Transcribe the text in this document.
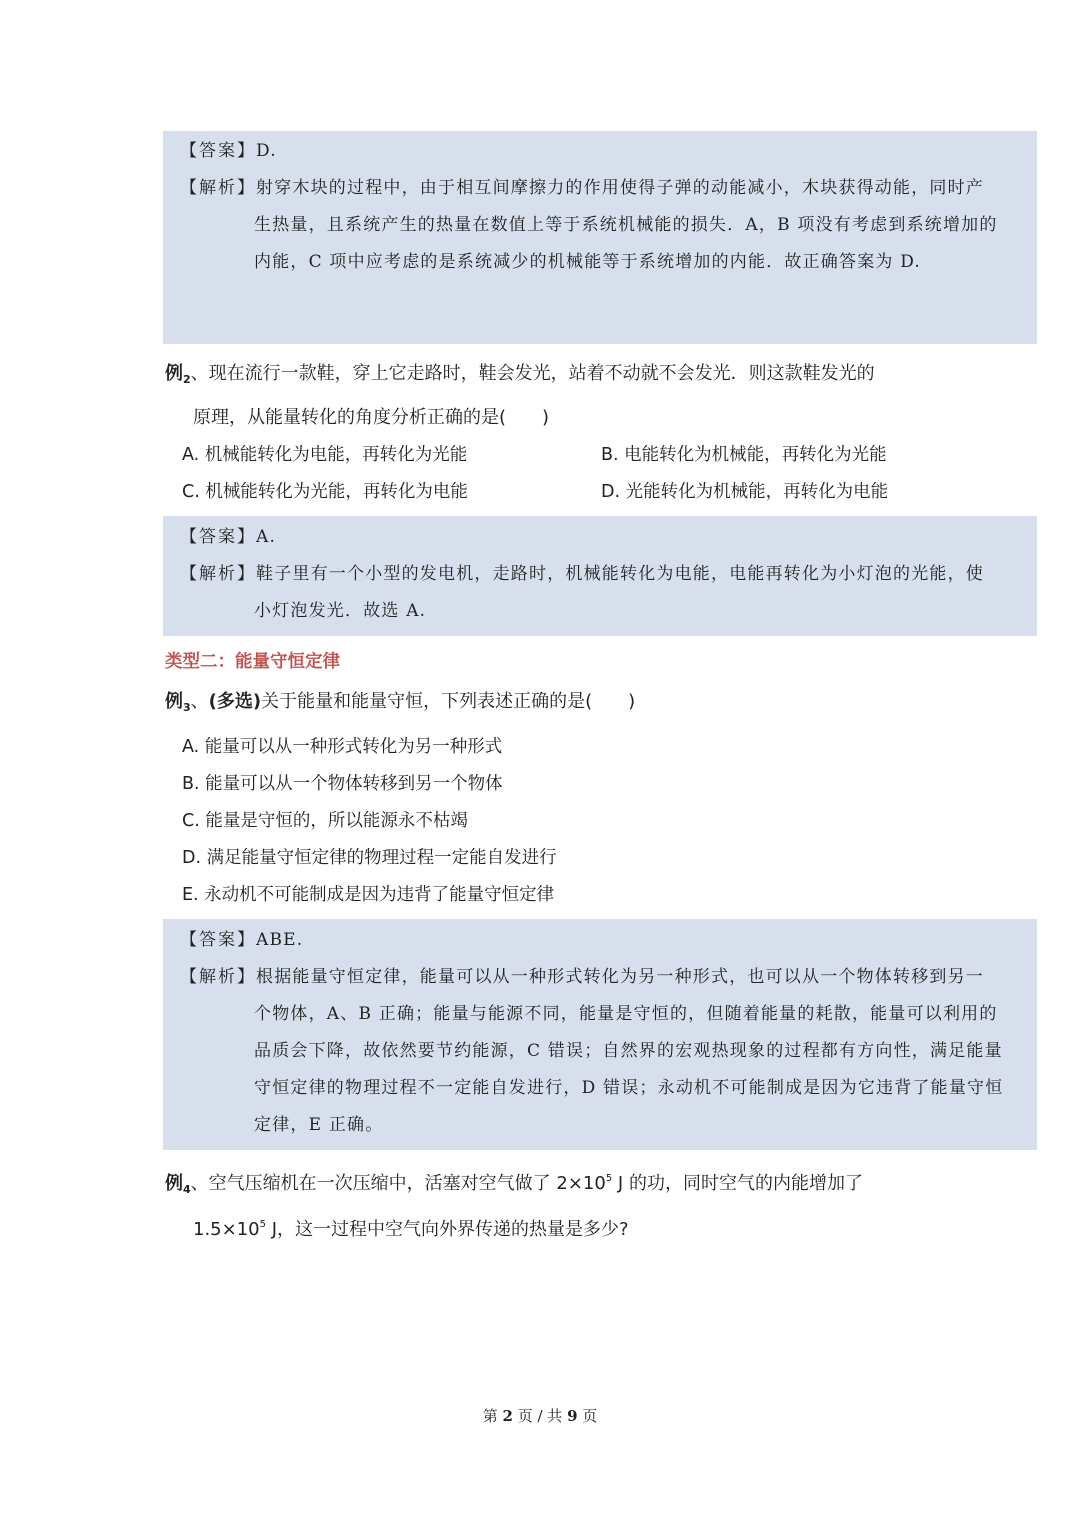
【答案】D.
【解析】射穿木块的过程中，由于相互间摩擦力的作用使得子弹的动能减小，木块获得动能，同时产
生热量，且系统产生的热量在数值上等于系统机械能的损失．A，B 项没有考虑到系统增加的
内能，C 项中应考虑的是系统减少的机械能等于系统增加的内能．故正确答案为 D.
例$_2$、现在流行一款鞋，穿上它走路时，鞋会发光，站着不动就不会发光．则这款鞋发光的
原理，从能量转化的角度分析正确的是(　　)
A. 机械能转化为电能，再转化为光能	B. 电能转化为机械能，再转化为光能
C. 机械能转化为光能，再转化为电能	D. 光能转化为机械能，再转化为电能
【答案】A.
【解析】鞋子里有一个小型的发电机，走路时，机械能转化为电能，电能再转化为小灯泡的光能，使
小灯泡发光．故选 A.
类型二：能量守恒定律
例$_3$、(多选)关于能量和能量守恒，下列表述正确的是(　　)
A. 能量可以从一种形式转化为另一种形式
B. 能量可以从一个物体转移到另一个物体
C. 能量是守恒的，所以能源永不枯竭
D. 满足能量守恒定律的物理过程一定能自发进行
E. 永动机不可能制成是因为违背了能量守恒定律
【答案】ABE.
【解析】根据能量守恒定律，能量可以从一种形式转化为另一种形式，也可以从一个物体转移到另一
个物体，A、B 正确；能量与能源不同，能量是守恒的，但随着能量的耗散，能量可以利用的
品质会下降，故依然要节约能源，C 错误；自然界的宏观热现象的过程都有方向性，满足能量
守恒定律的物理过程不一定能自发进行，D 错误；永动机不可能制成是因为它违背了能量守恒
定律，E 正确。
例$_4$、空气压缩机在一次压缩中，活塞对空气做了 $2\times 10^5$ J 的功，同时空气的内能增加了
$1.5\times 10^5$ J，这一过程中空气向外界传递的热量是多少?
第 2 页 / 共 9 页
